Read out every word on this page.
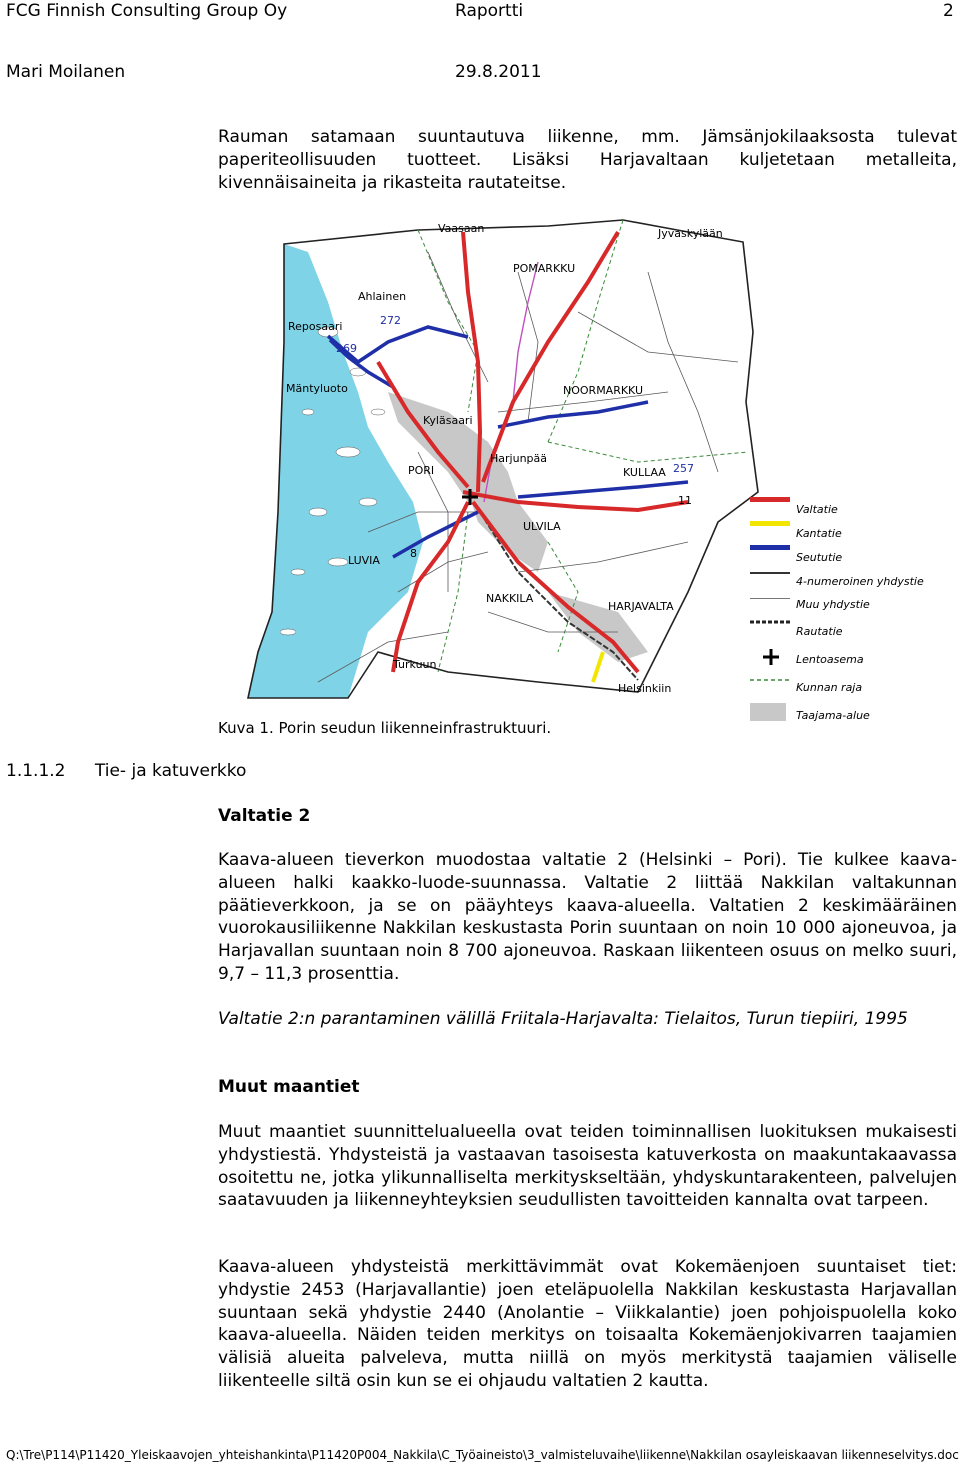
FCG Finnish Consulting Group Oy	Raportti	2
Mari Moilanen	29.8.2011

Rauman satamaan suuntautuva liikenne, mm. Jämsänjokilaaksosta tulevat paperiteollisuuden tuotteet. Lisäksi Harjavaltaan kuljetetaan metalleita, kivennäisaineita ja rikasteita rautateitse.

Vaasaan	Jyvaskylään
POMARKKU
Ahlainen
Reposaari	272
269
Mäntyluoto	NOORMARKKU
Kyläsaari
Harjunpää
PORI	KULLAA 257
11
ULVILA
LUVIA
8
NAKKILA
HARJAVALTA
Turkuun
Helsinkiin
Valtatie
Kantatie
Seututie
4-numeroinen yhdystie
Muu yhdystie
Rautatie
Lentoasema
Kunnan raja
Taajama-alue
Kuva 1. Porin seudun liikenneinfrastruktuuri.
1.1.1.2 Tie- ja katuverkko
Valtatie 2

Kaava-alueen tieverkon muodostaa valtatie 2 (Helsinki – Pori). Tie kulkee kaava-alueen halki kaakko-luode-suunnassa. Valtatie 2 liittää Nakkilan valtakunnan päätieverkkoon, ja se on pääyhteys kaava-alueella. Valtatien 2 keskimääräinen vuorokausiliikenne Nakkilan keskustasta Porin suuntaan on noin 10 000 ajoneuvoa, ja Harjavallan suuntaan noin 8 700 ajoneuvoa. Raskaan liikenteen osuus on melko suuri, 9,7 – 11,3 prosenttia.

Valtatie 2:n parantaminen välillä Friitala-Harjavalta: Tielaitos, Turun tiepiiri, 1995

Muut maantiet

Muut maantiet suunnittelualueella ovat teiden toiminnallisen luokituksen mukaisesti yhdystiestä. Yhdysteistä ja vastaavan tasoisesta katuverkosta on maakuntakaavassa osoitettu ne, jotka ylikunnalliselta merkityskseltään, yhdyskuntarakenteen, palvelujen saatavuuden ja liikenneyhteyksien seudullisten tavoitteiden kannalta ovat tarpeen.

Kaava-alueen yhdysteistä merkittävimmät ovat Kokemäenjoen suuntaiset tiet: yhdystie 2453 (Harjavallantie) joen eteläpuolella Nakkilan keskustasta Harjavallan suuntaan sekä yhdystie 2440 (Anolantie – Viikkalantie) joen pohjoispuolella koko kaava-alueella. Näiden teiden merkitys on toisaalta Kokemäenjokivarren taajamien välisiä alueita palveleva, mutta niillä on myös merkitystä taajamien väliselle liikenteelle siltä osin kun se ei ohjaudu valtatien 2 kautta.

Q:\Tre\P114\P11420_Yleiskaavojen_yhteishankinta\P11420P004_Nakkila\C_Työaineisto\3_valmisteluvaihe\liikenne\Nakkilan osayleiskaavan liikenneselvitys.doc
